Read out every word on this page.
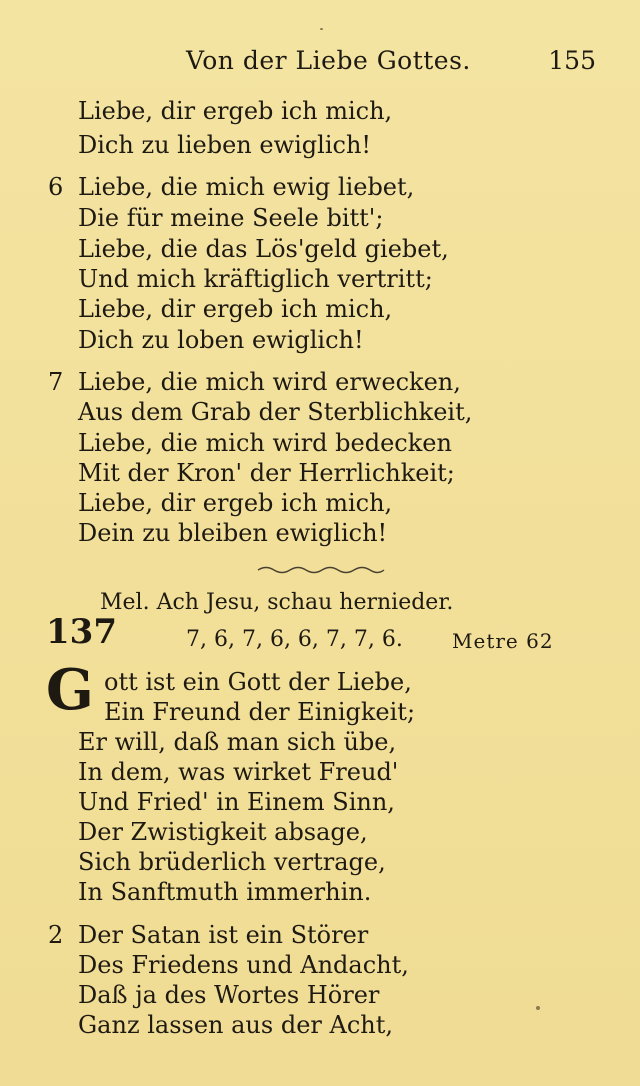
Von der Liebe Gottes.	155
Liebe, dir ergeb ich mich,
Dich zu lieben ewiglich!
6 Liebe, die mich ewig liebet,
Die für meine Seele bitt';
Liebe, die das Lös'geld giebet,
Und mich kräftiglich vertritt;
Liebe, dir ergeb ich mich,
Dich zu loben ewiglich!
7 Liebe, die mich wird erwecken,
Aus dem Grab der Sterblichkeit,
Liebe, die mich wird bedecken
Mit der Kron' der Herrlichkeit;
Liebe, dir ergeb ich mich,
Dein zu bleiben ewiglich!
Mel. Ach Jesu, schau hernieder.
137	7, 6, 7, 6, 6, 7, 7, 6. Metre 62
G ott ist ein Gott der Liebe,
Ein Freund der Einigkeit;
Er will, daß man sich übe,
In dem, was wirket Freud'
Und Fried' in Einem Sinn,
Der Zwistigkeit absage,
Sich brüderlich vertrage,
In Sanftmuth immerhin.
2 Der Satan ist ein Störer
Des Friedens und Andacht,
Daß ja des Wortes Hörer
Ganz lassen aus der Acht,
